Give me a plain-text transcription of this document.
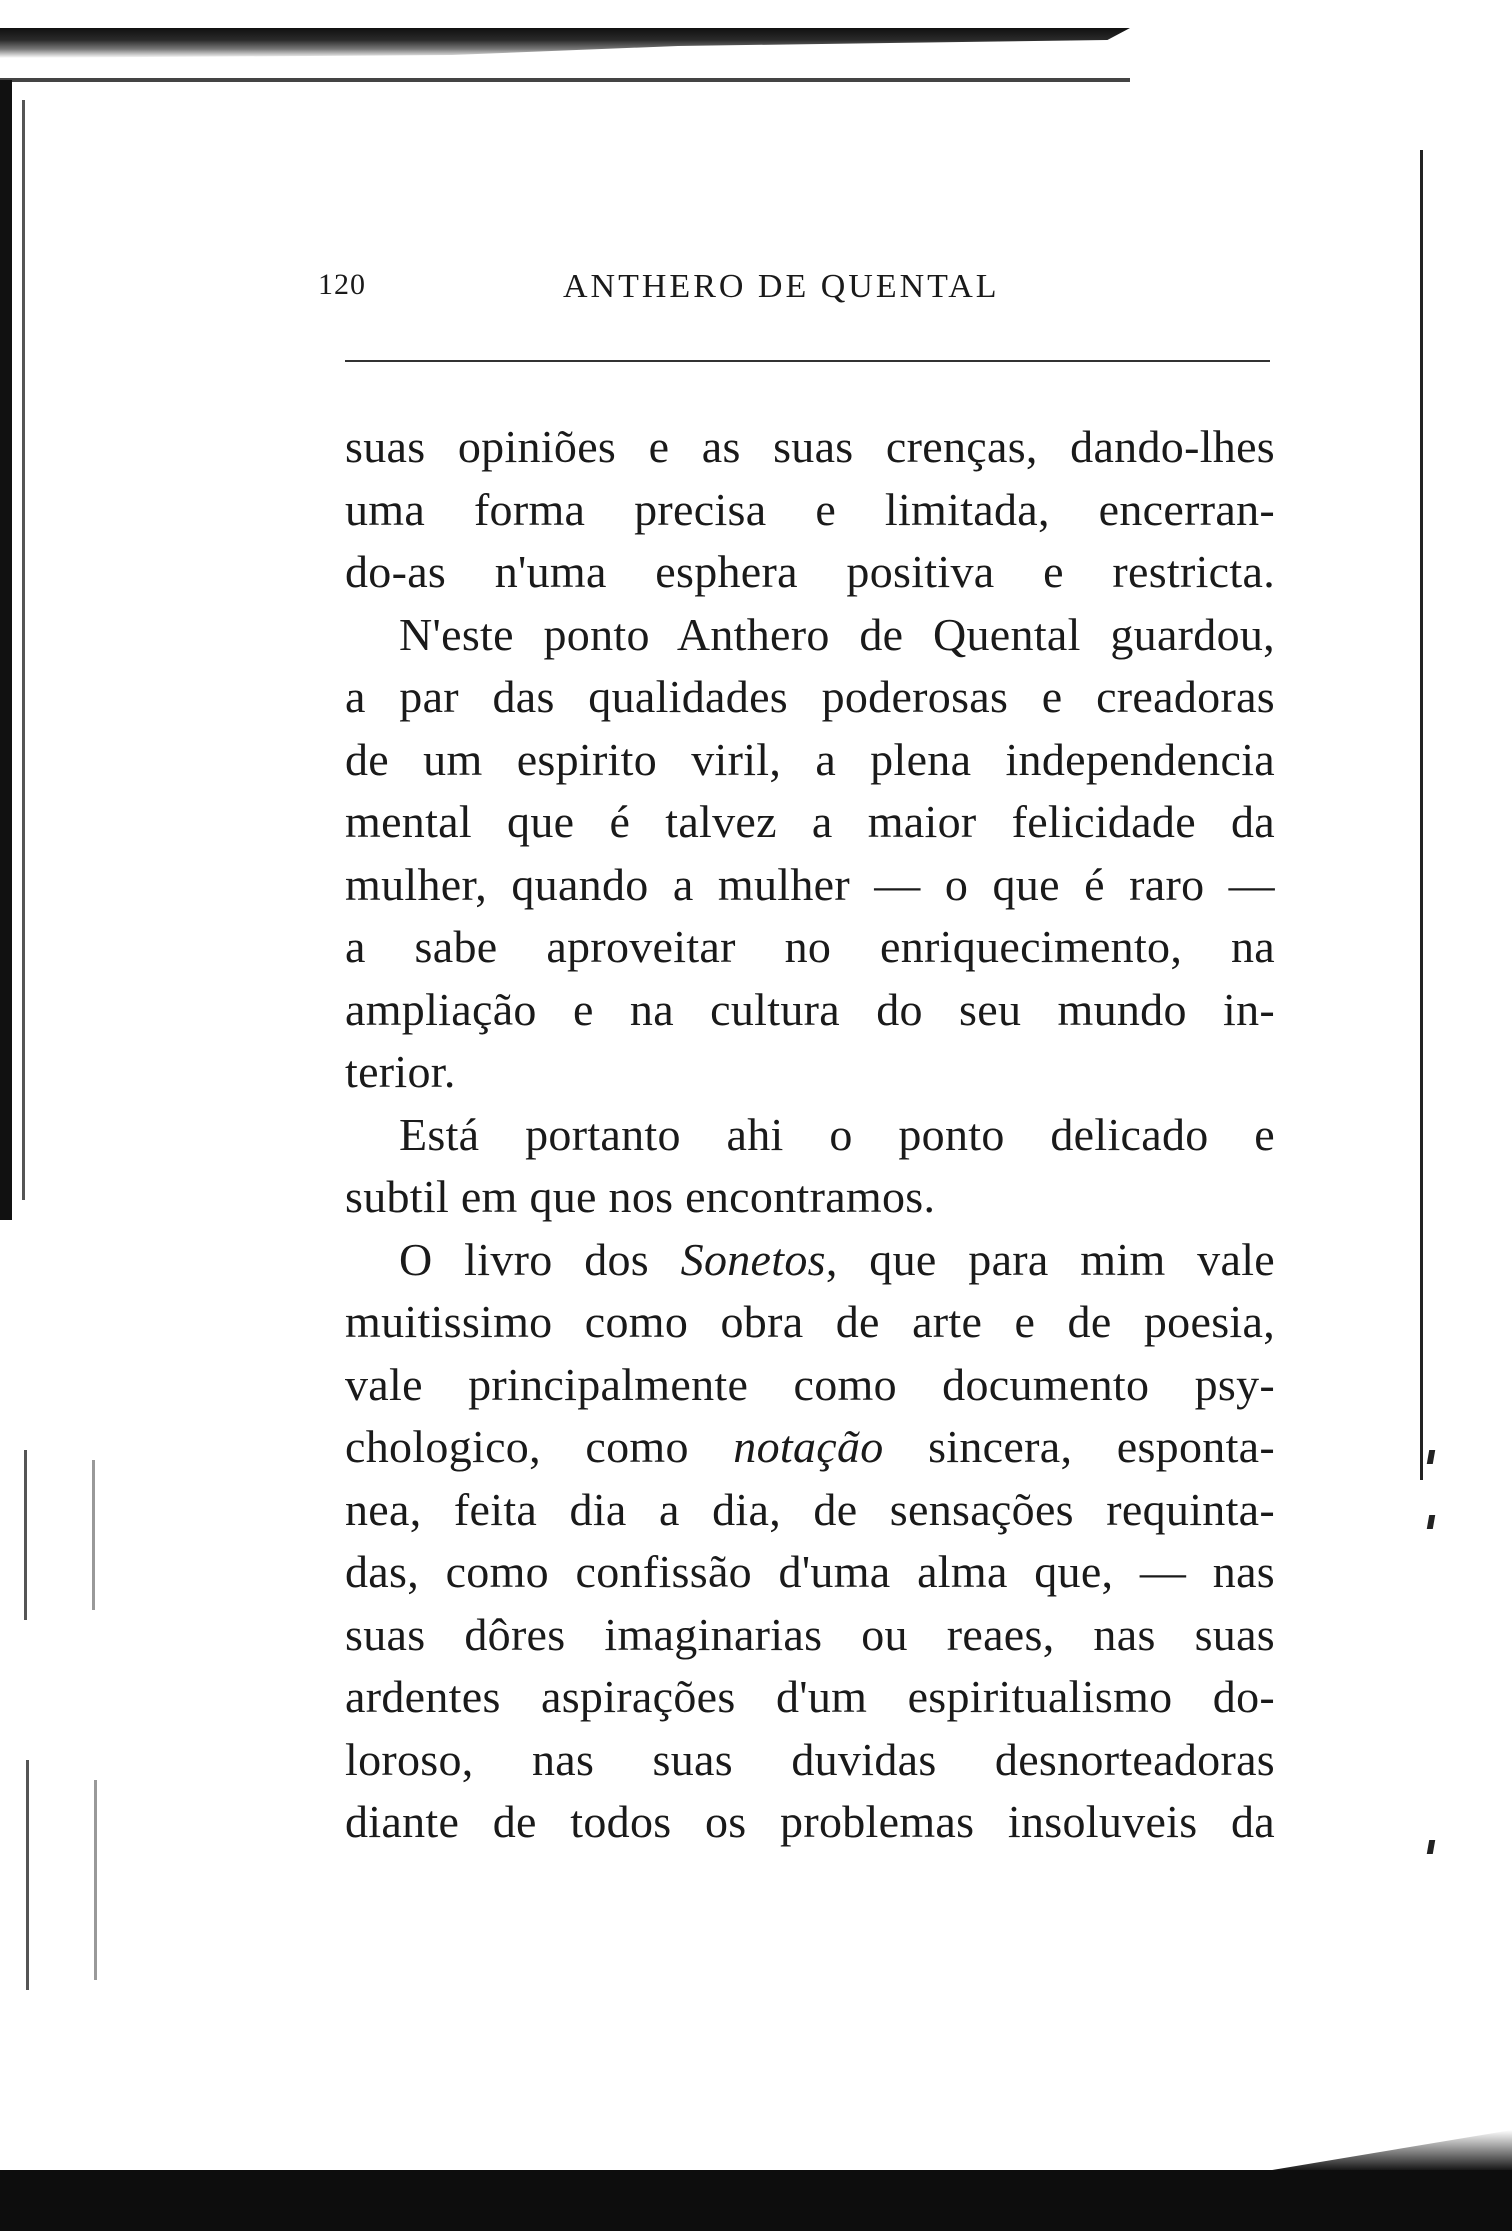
120	ANTHERO DE QUENTAL
suas opiniões e as suas crenças, dando-lhes
uma forma precisa e limitada, encerran-
do-as n'uma esphera positiva e restricta.
N'este ponto Anthero de Quental guardou,
a par das qualidades poderosas e creadoras
de um espirito viril, a plena independencia
mental que é talvez a maior felicidade da
mulher, quando a mulher — o que é raro —
a sabe aproveitar no enriquecimento, na
ampliação e na cultura do seu mundo in-
terior.
Está portanto ahi o ponto delicado e
subtil em que nos encontramos.
O livro dos Sonetos, que para mim vale
muitissimo como obra de arte e de poesia,
vale principalmente como documento psy-
chologico, como notação sincera, esponta-
nea, feita dia a dia, de sensações requinta-
das, como confissão d'uma alma que, — nas
suas dôres imaginarias ou reaes, nas suas
ardentes aspirações d'um espiritualismo do-
loroso, nas suas duvidas desnorteadoras
diante de todos os problemas insoluveis da
